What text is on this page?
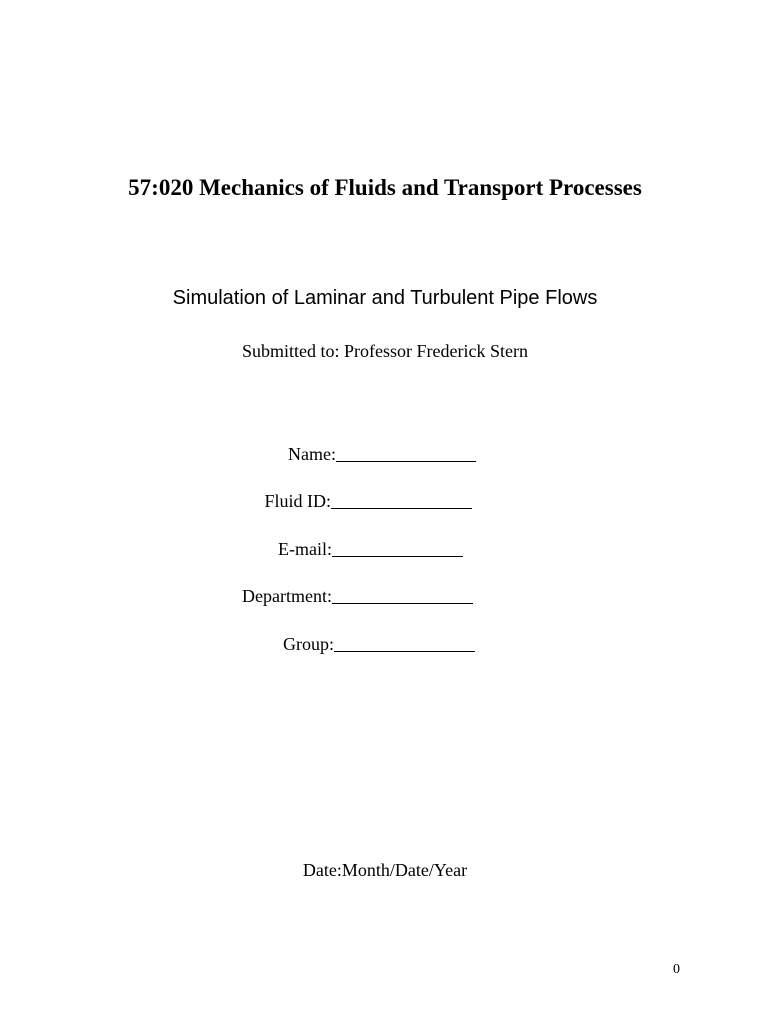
57:020 Mechanics of Fluids and Transport Processes
Simulation of Laminar and Turbulent Pipe Flows
Submitted to: Professor Frederick Stern
Name:
Fluid ID:
E-mail:
Department:
Group:
Date:Month/Date/Year
0
